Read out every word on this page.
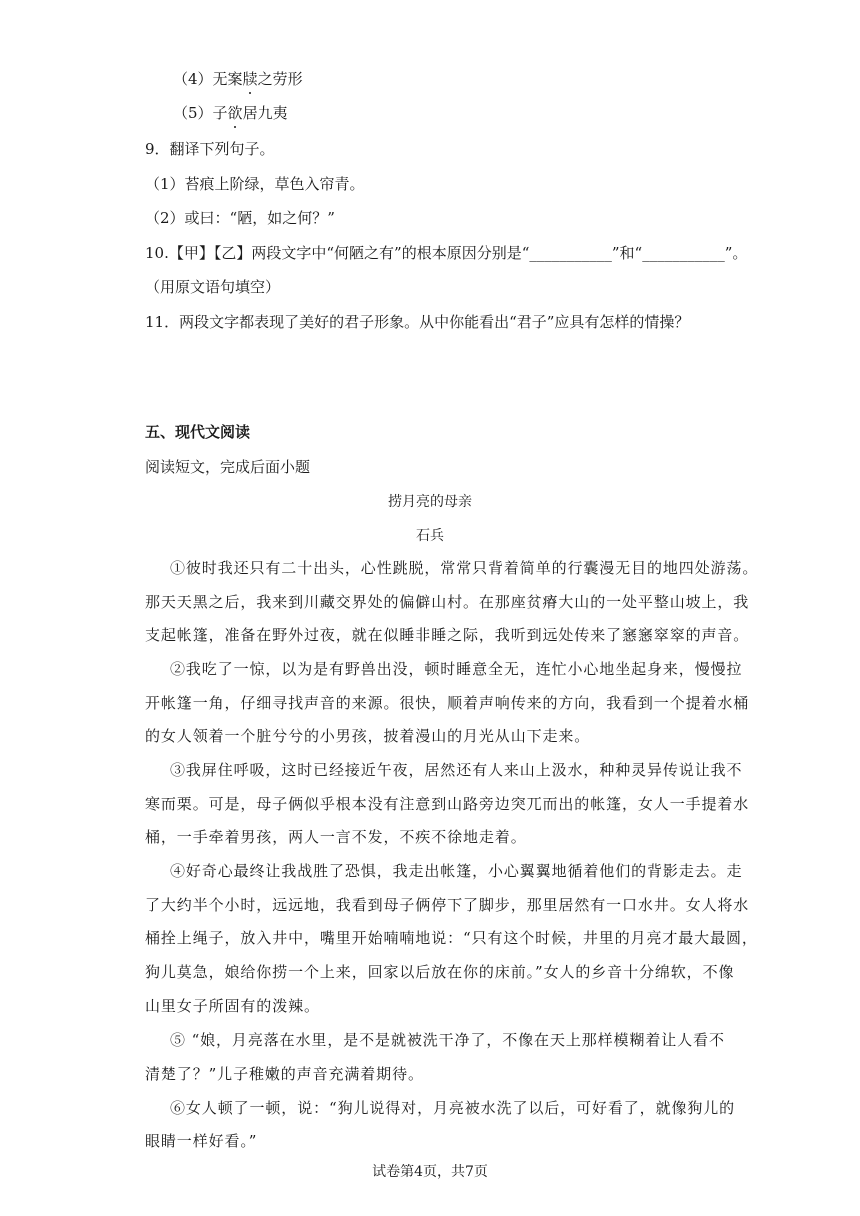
（4）无案牍之劳形
（5）子欲居九夷
9．翻译下列句子。
（1）苔痕上阶绿，草色入帘青。
（2）或曰：“陋，如之何？”
10.【甲】【乙】两段文字中“何陋之有”的根本原因分别是“___________”和“___________”。
（用原文语句填空）
11．两段文字都表现了美好的君子形象。从中你能看出“君子”应具有怎样的情操？
五、现代文阅读
阅读短文，完成后面小题
捞月亮的母亲
石兵
①彼时我还只有二十出头，心性跳脱，常常只背着简单的行囊漫无目的地四处游荡。
那天天黑之后，我来到川藏交界处的偏僻山村。在那座贫瘠大山的一处平整山坡上，我
支起帐篷，准备在野外过夜，就在似睡非睡之际，我听到远处传来了窸窸窣窣的声音。
②我吃了一惊，以为是有野兽出没，顿时睡意全无，连忙小心地坐起身来，慢慢拉
开帐篷一角，仔细寻找声音的来源。很快，顺着声响传来的方向，我看到一个提着水桶
的女人领着一个脏兮兮的小男孩，披着漫山的月光从山下走来。
③我屏住呼吸，这时已经接近午夜，居然还有人来山上汲水，种种灵异传说让我不
寒而栗。可是，母子俩似乎根本没有注意到山路旁边突兀而出的帐篷，女人一手提着水
桶，一手牵着男孩，两人一言不发，不疾不徐地走着。
④好奇心最终让我战胜了恐惧，我走出帐篷，小心翼翼地循着他们的背影走去。走
了大约半个小时，远远地，我看到母子俩停下了脚步，那里居然有一口水井。女人将水
桶拴上绳子，放入井中，嘴里开始喃喃地说：“只有这个时候，井里的月亮才最大最圆，
狗儿莫急，娘给你捞一个上来，回家以后放在你的床前。”女人的乡音十分绵软，不像
山里女子所固有的泼辣。
⑤ “娘，月亮落在水里，是不是就被洗干净了，不像在天上那样模糊着让人看不
清楚了？”儿子稚嫩的声音充满着期待。
⑥女人顿了一顿，说：“狗儿说得对，月亮被水洗了以后，可好看了，就像狗儿的
眼睛一样好看。”
试卷第4页，共7页
